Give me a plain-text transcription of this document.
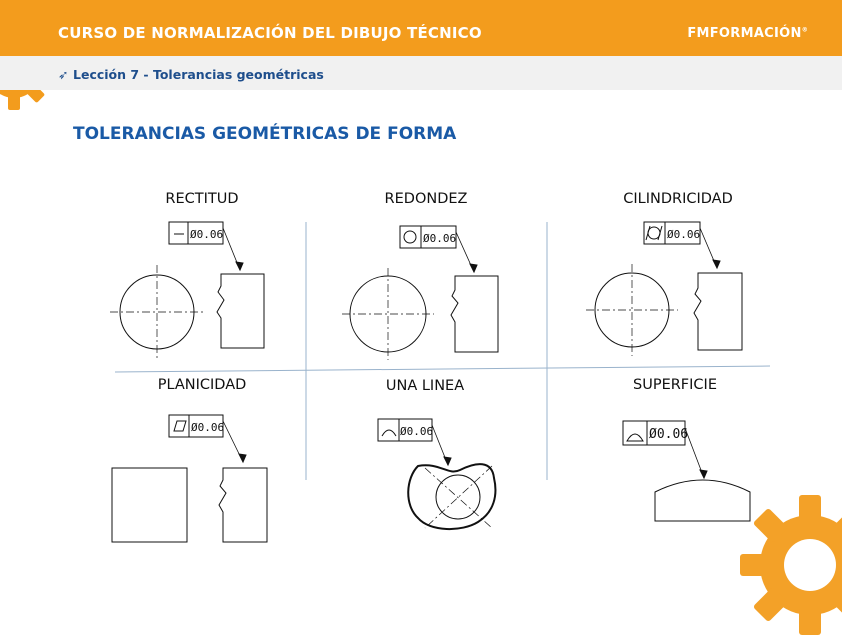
CURSO DE NORMALIZACIÓN DEL DIBUJO TÉCNICO	FMFORMACIÓN®
➶ Lección 7 - Tolerancias geométricas
TOLERANCIAS GEOMÉTRICAS DE FORMA
RECTITUD	REDONDEZ	CILINDRICIDAD
PLANICIDAD	UNA LINEA	SUPERFICIE
Ø0.06	Ø0.06	Ø0.06
Ø0.06	Ø0.06	Ø0.06
43
